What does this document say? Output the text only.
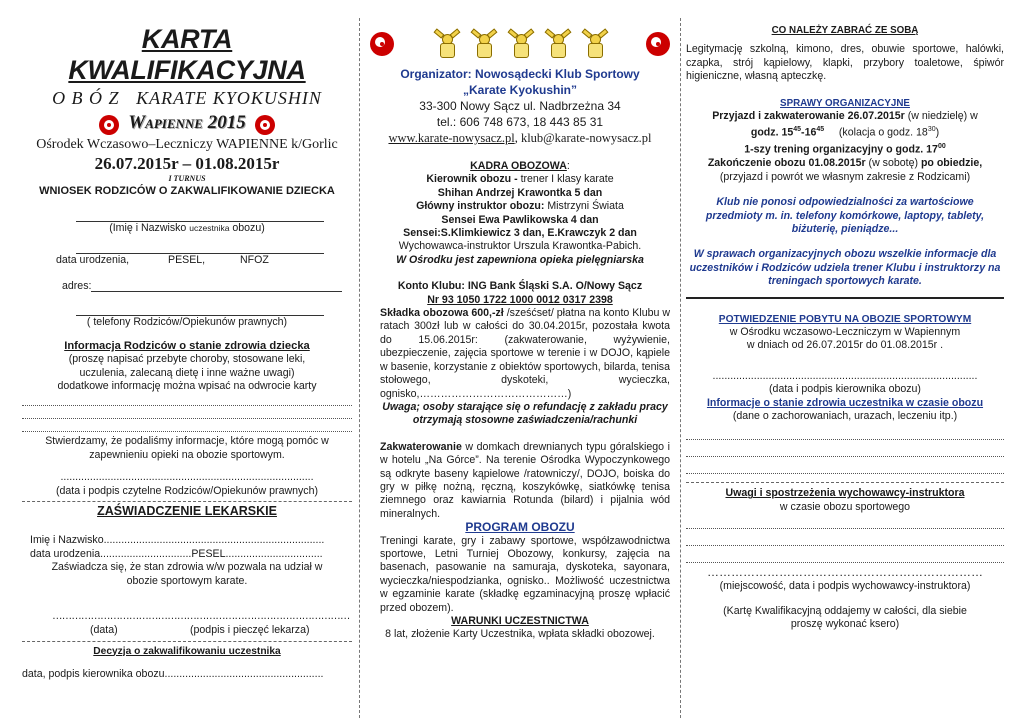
KARTA KWALIFIKACYJNA
O B Ó Z   KARATE KYOKUSHIN
Wapienne 2015
Ośrodek Wczasowo–Leczniczy WAPIENNE k/Gorlic
26.07.2015r – 01.08.2015r
I TURNUS
WNIOSEK RODZICÓW O ZAKWALIFIKOWANIE DZIECKA

(Imię i Nazwisko uczestnika obozu)

data urodzenia,	PESEL,	NFOZ
adres:

( telefony Rodziców/Opiekunów prawnych)

Informacja Rodziców o stanie zdrowia dziecka

(proszę napisać przebyte choroby, stosowane leki, uczulenia, zalecaną dietę i inne ważne uwagi)

dodatkowe informację można wpisać na odwrocie karty

Stwierdzamy, że podaliśmy informacje, które mogą pomóc w zapewnieniu opieki na obozie sportowym.

......................................................................................

(data i podpis czytelne Rodziców/Opiekunów prawnych)

ZAŚWIADCZENIE LEKARSKIE

Imię i Nazwisko...........................................................................

data urodzenia...............................PESEL.................................

Zaświadcza się, że stan zdrowia w/w pozwala na udział w obozie sportowym karate.

…………………………………………………………………………………

(data)	(podpis i pieczęć lekarza)

Decyzja o zakwalifikowaniu uczestnika

data, podpis kierownika obozu......................................................

Organizator: Nowosądecki Klub Sportowy

„Karate Kyokushin”

33-300 Nowy Sącz ul. Nadbrzeżna 34

tel.: 606 748 673, 18 443 85 31

www.karate-nowysacz.pl, klub@karate-nowysacz.pl

KADRA OBOZOWA:

Kierownik obozu - trener I klasy karate

Shihan Andrzej Krawontka 5 dan

Główny instruktor obozu: Mistrzyni Świata

Sensei Ewa Pawlikowska 4 dan

Sensei:S.Klimkiewicz 3 dan, E.Krawczyk 2 dan

Wychowawca-instruktor Urszula Krawontka-Pabich.

W Ośrodku jest zapewniona opieka pielęgniarska

Konto Klubu: ING Bank Śląski S.A. O/Nowy Sącz

Nr 93 1050 1722 1000 0012 0317 2398

Składka obozowa 600,-zł /sześćset/ płatna na konto Klubu w ratach 300zł lub w całości do 30.04.2015r, pozostała kwota do 15.06.2015r: (zakwaterowanie, wyżywienie, ubezpieczenie, zajęcia sportowe w terenie i w DOJO, kąpiele w basenie, korzystanie z obiektów sportowych, bilarda, tenisa stołowego, dyskoteki, wycieczka, ognisko,……………………………………)

Uwaga; osoby starające się o refundację z zakładu pracy otrzymają stosowne zaświadczenia/rachunki

Zakwaterowanie w domkach drewnianych typu góralskiego i w hotelu „Na Górce”. Na terenie Ośrodka Wypoczynkowego są odkryte baseny kąpielowe /ratowniczy/, DOJO, boiska do gry w piłkę nożną, ręczną, koszykówkę, siatkówkę tenisa ziemnego oraz kawiarnia Rotunda (bilard) i pijalnia wód mineralnych.

PROGRAM OBOZU

Treningi karate, gry i zabawy sportowe, współzawodnictwa sportowe, Letni Turniej Obozowy, konkursy, zajęcia na basenach, pasowanie na samuraja, dyskoteka, sayonara, wycieczka/niespodzianka, ognisko.. Możliwość uczestnictwa w egzaminie karate (składkę egzaminacyjną proszę wpłacić przed obozem).

WARUNKI UCZESTNICTWA

8 lat, złożenie Karty Uczestnika, wpłata składki obozowej.

CO NALEŻY ZABRAĆ ZE SOBĄ

Legitymację szkolną, kimono, dres, obuwie sportowe, halówki, czapka, strój kąpielowy, klapki, przybory toaletowe, śpiwór higieniczne, własną apteczkę.

SPRAWY ORGANIZACYJNE

Przyjazd i zakwaterowanie 26.07.2015r (w niedzielę) w

godz. $15^{45}-16^{45}$     (kolacja o godz. $18^{30}$)

1-szy trening organizacyjny o godz. $17^{00}$

Zakończenie obozu 01.08.2015r (w sobotę) po obiedzie,

(przyjazd i powrót we własnym zakresie z Rodzicami)

Klub nie ponosi odpowiedzialności za wartościowe przedmioty m. in. telefony komórkowe, laptopy, tablety, biżuterię, pieniądze...

W sprawach organizacyjnych obozu wszelkie informacje dla uczestników i Rodziców udziela trener Klubu i instruktorzy na treningach sportowych karate.

POTWIEDZENIE POBYTU NA OBOZIE SPORTOWYM

w Ośrodku wczasowo-Leczniczym w Wapiennym

w dniach od 26.07.2015r do 01.08.2015r .

..........................................................................................

(data i podpis kierownika obozu)

Informacje o stanie zdrowia uczestnika w czasie obozu

(dane o zachorowaniach, urazach, leczeniu itp.)

Uwagi i spostrzeżenia wychowawcy-instruktora

w czasie obozu sportowego

……………………………………………………………

(miejscowość, data i podpis wychowawcy-instruktora)

(Kartę Kwalifikacyjną oddajemy w całości, dla siebie proszę wykonać ksero)
